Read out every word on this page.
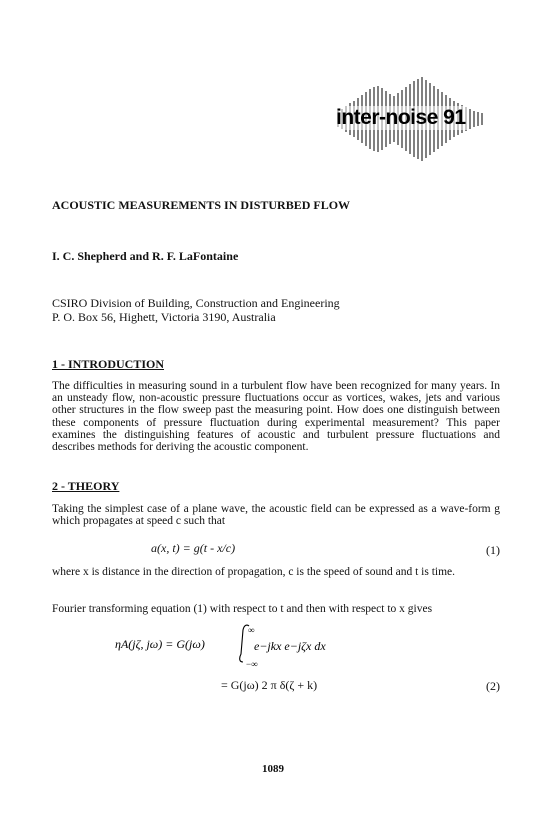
inter-noise 91
ACOUSTIC MEASUREMENTS IN DISTURBED FLOW
I. C. Shepherd and R. F. LaFontaine
CSIRO Division of Building, Construction and Engineering
P. O. Box 56, Highett, Victoria 3190, Australia
1 - INTRODUCTION
The difficulties in measuring sound in a turbulent flow have been recognized for many years. In an unsteady flow, non-acoustic pressure fluctuations occur as vortices, wakes, jets and various other structures in the flow sweep past the measuring point. How does one distinguish between these components of pressure fluctuation during experimental measurement? This paper examines the distinguishing features of acoustic and turbulent pressure fluctuations and describes methods for deriving the acoustic component.
2 - THEORY
Taking the simplest case of a plane wave, the acoustic field can be expressed as a wave-form g which propagates at speed c such that
a(x, t) = g(t - x/c)	(1)
where x is distance in the direction of propagation, c is the speed of sound and t is time.
Fourier transforming equation (1) with respect to t and then with respect to x gives
ηA(jζ, jω) = G(jω)
∞
−∞
e−jkx e−jζx dx
= G(jω) 2 π δ(ζ + k)	(2)
1089
